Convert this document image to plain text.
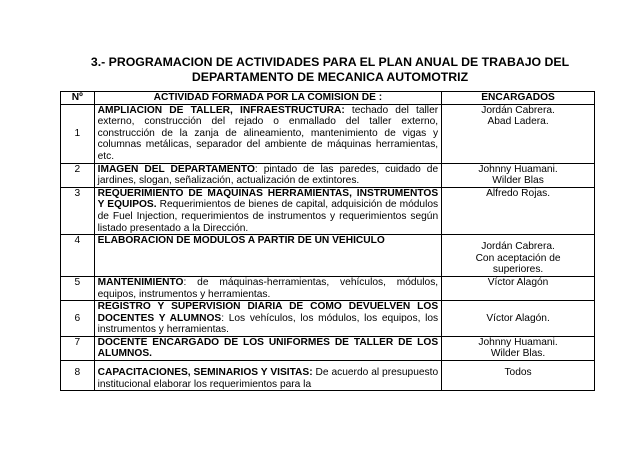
3.- PROGRAMACION DE ACTIVIDADES PARA EL PLAN ANUAL DE TRABAJO DEL
DEPARTAMENTO DE MECANICA AUTOMOTRIZ
Nº	ACTIVIDAD FORMADA POR LA COMISION DE :	ENCARGADOS
1	AMPLIACION DE TALLER, INFRAESTRUCTURA: techado del taller externo, construcción del rejado o enmallado del taller externo, construcción de la zanja de alineamiento, mantenimiento de vigas y columnas metálicas, separador del ambiente de máquinas herramientas, etc.	Jordán Cabrera.
Abad Ladera.

2	IMAGEN DEL DEPARTAMENTO: pintado de las paredes, cuidado de jardines, slogan, señalización, actualización de extintores.	Johnny Huamani.
Wilder Blas

3	REQUERIMIENTO DE MAQUINAS HERRAMIENTAS, INSTRUMENTOS Y EQUIPOS. Requerimientos de bienes de capital, adquisición de módulos de Fuel Injection, requerimientos de instrumentos y requerimientos según listado presentado a la Dirección.	Alfredo Rojas.

4	ELABORACION DE MODULOS A PARTIR DE UN VEHÍCULO	Jordán Cabrera.
Con aceptación de
superiores.

5	MANTENIMIENTO: de máquinas-herramientas, vehículos, módulos, equipos, instrumentos y herramientas.	Víctor Alagón

6	REGISTRO Y SUPERVISION DIARIA DE COMO DEVUELVEN LOS DOCENTES Y ALUMNOS: Los vehículos, los módulos, los equipos, los instrumentos y herramientas.	Víctor Alagón.

7	DOCENTE ENCARGADO DE LOS UNIFORMES DE TALLER DE LOS ALUMNOS.	Johnny Huamani.
Wilder Blas.

8	CAPACITACIONES, SEMINARIOS Y VISITAS: De acuerdo al presupuesto institucional elaborar los requerimientos para la	Todos
